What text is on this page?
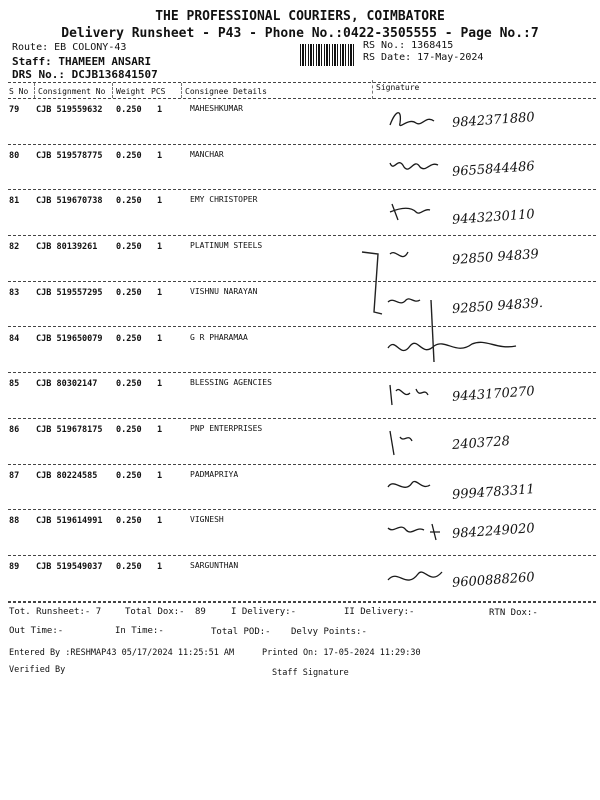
THE PROFESSIONAL COURIERS, COIMBATORE
Delivery Runsheet - P43 - Phone No.:0422-3505555 - Page No.:7
Route: EB COLONY-43
Staff: THAMEEM ANSARI
DRS No.: DCJB136841507
RS No.: 1368415
RS Date: 17-May-2024
S No Consignment No Weight PCS Consignee Details	Signature
79 CJB 519559632 0.250 1	MAHESHKUMAR
9842371880
80 CJB 519578775 0.250 1	MANCHAR
9655844486
81 CJB 519670738 0.250 1	EMY CHRISTOPER
9443230110
82 CJB 80139261 0.250 1	PLATINUM STEELS
92850 94839
83 CJB 519557295 0.250 1	VISHNU NARAYAN
92850 94839.
84 CJB 519650079 0.250 1	G R PHARAMAA
85 CJB 80302147 0.250 1	BLESSING AGENCIES
9443170270
86 CJB 519678175 0.250 1	PNP ENTERPRISES
2403728
87 CJB 80224585 0.250 1	PADMAPRIYA
9994783311
88 CJB 519614991 0.250 1	VIGNESH
9842249020
89 CJB 519549037 0.250 1	SARGUNTHAN
9600888260
Tot. Runsheet:- 7	Total Dox:- 89	I Delivery:-	II Delivery:-	RTN Dox:-
Out Time:-	In Time:-	Total POD:- Delvy Points:-
Entered By :RESHMAP43 05/17/2024 11:25:51 AM	Printed On: 17-05-2024 11:29:30
Verified By	Staff Signature
